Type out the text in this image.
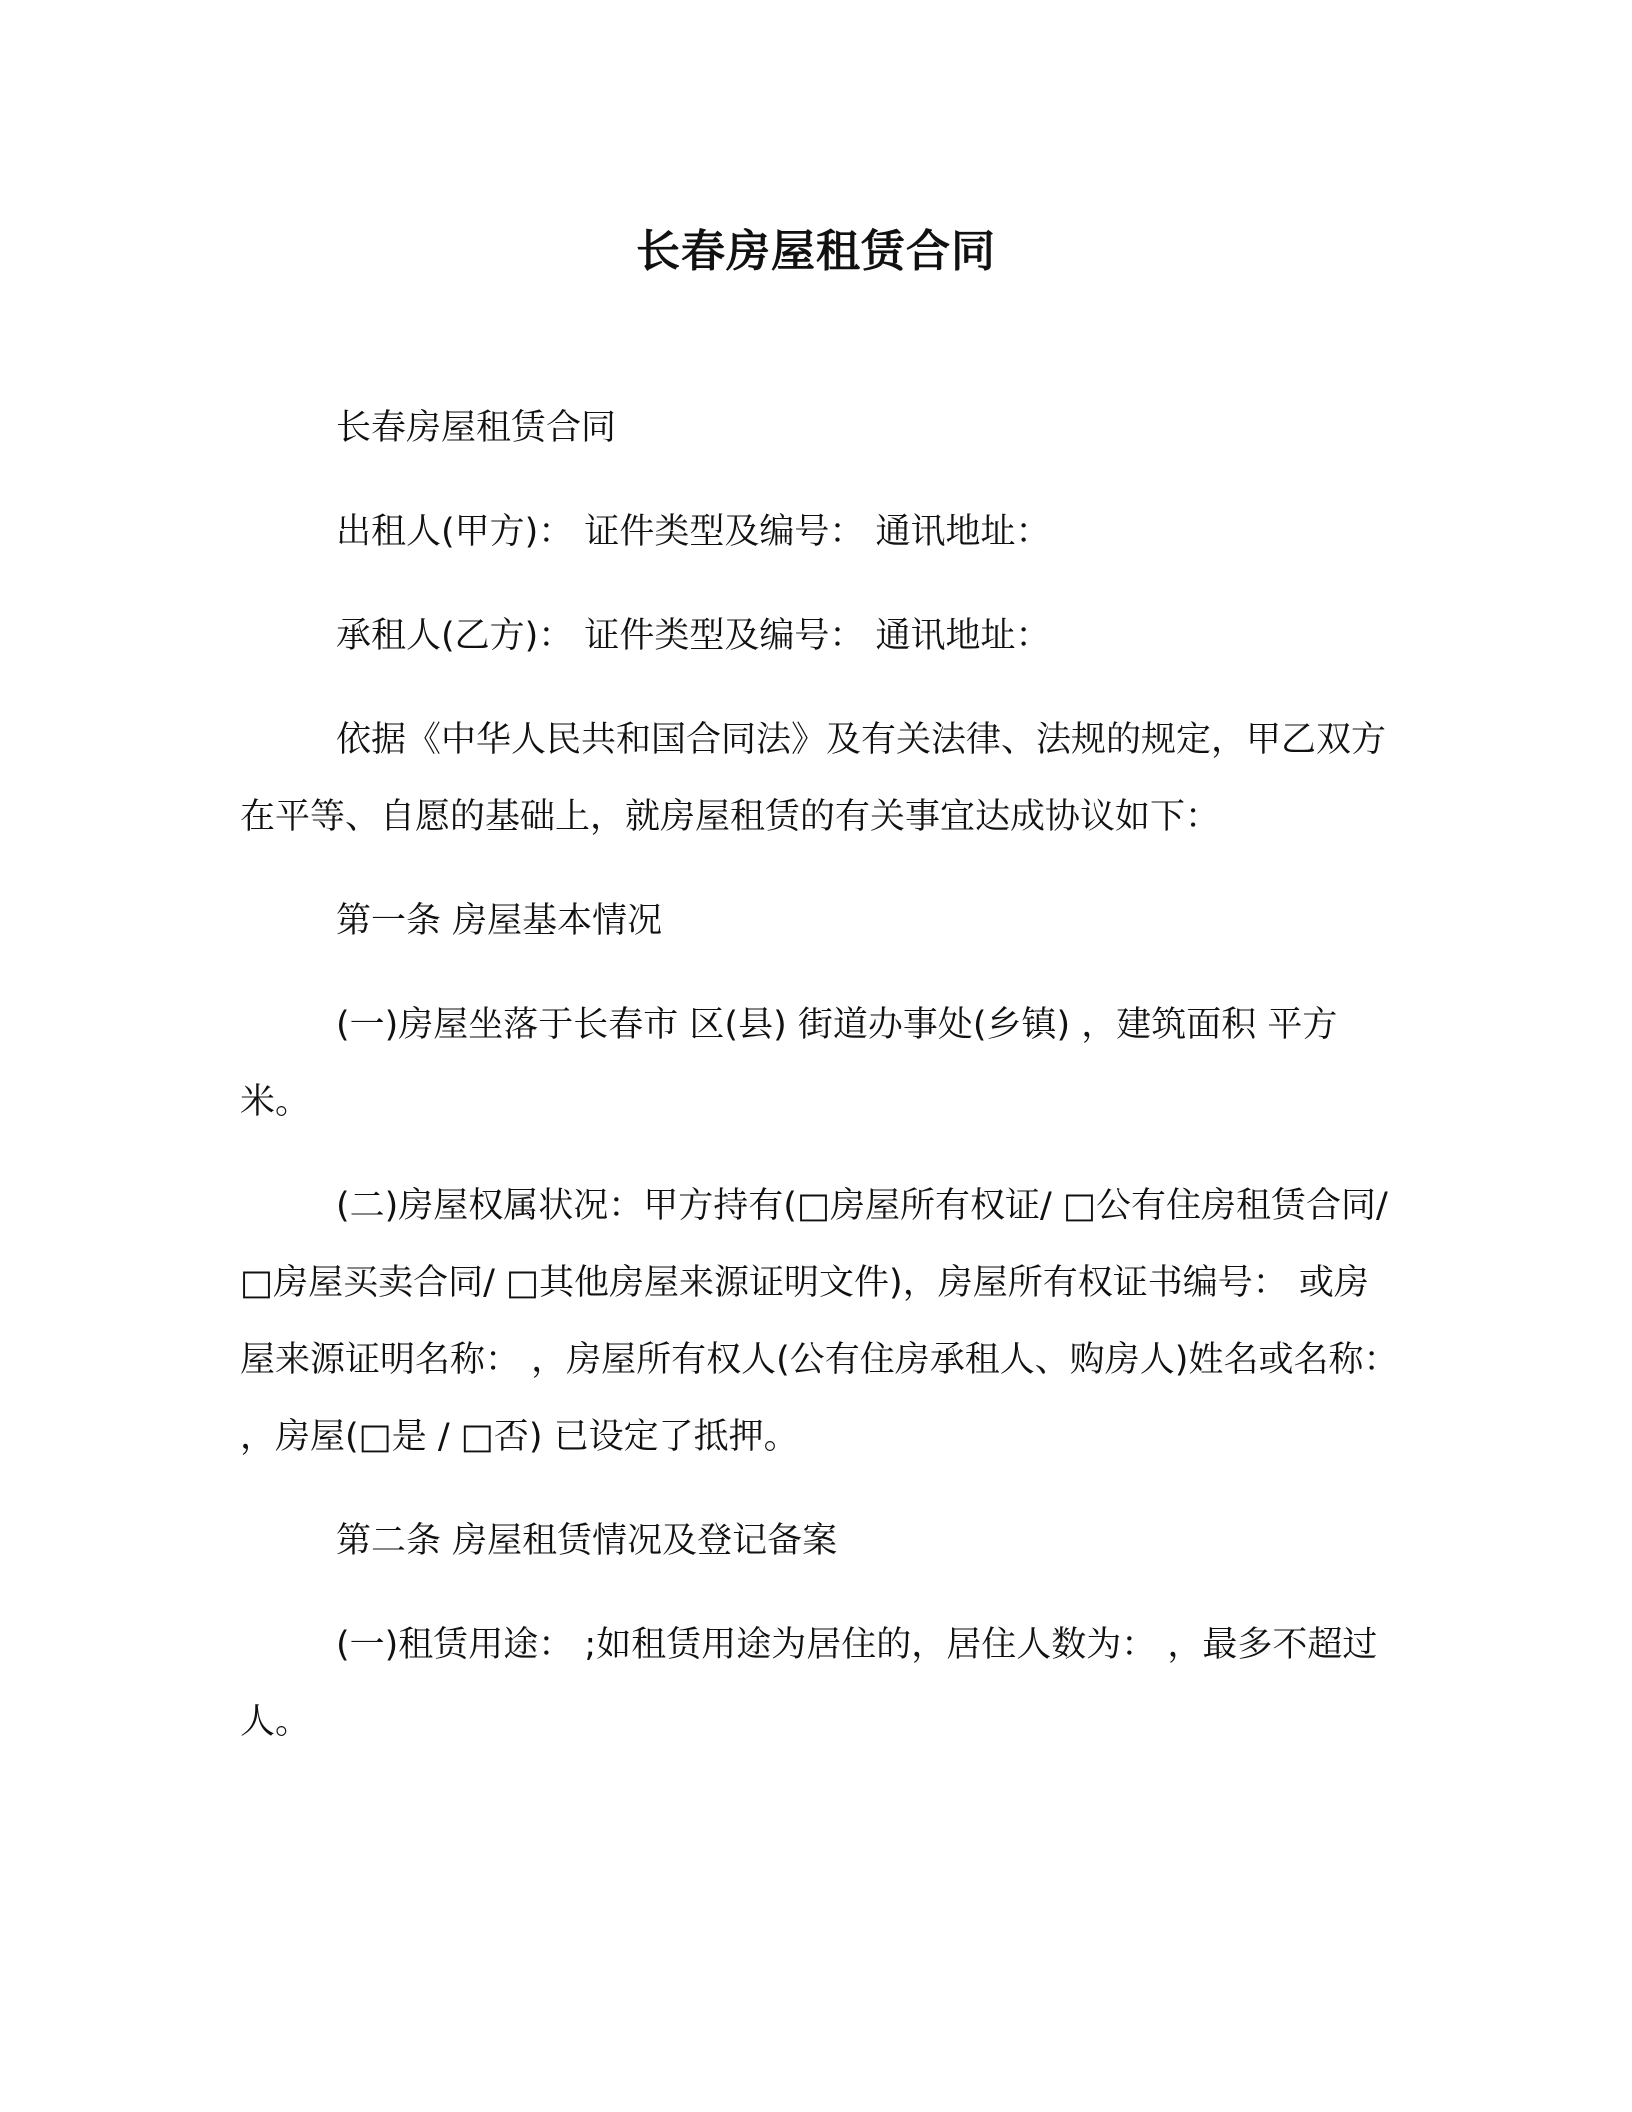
长春房屋租赁合同

长春房屋租赁合同

出租人(甲方)： 证件类型及编号： 通讯地址：

承租人(乙方)： 证件类型及编号： 通讯地址：

依据《中华人民共和国合同法》及有关法律、法规的规定，甲乙双方在平等、自愿的基础上，就房屋租赁的有关事宜达成协议如下：

第一条 房屋基本情况

(一)房屋坐落于长春市 区(县) 街道办事处(乡镇) ，建筑面积 平方米。

(二)房屋权属状况：甲方持有(□房屋所有权证/ □公有住房租赁合同/ □房屋买卖合同/ □其他房屋来源证明文件)，房屋所有权证书编号： 或房屋来源证明名称： ，房屋所有权人(公有住房承租人、购房人)姓名或名称： ，房屋(□是 / □否) 已设定了抵押。

第二条 房屋租赁情况及登记备案

(一)租赁用途： ;如租赁用途为居住的，居住人数为： ，最多不超过 人。
